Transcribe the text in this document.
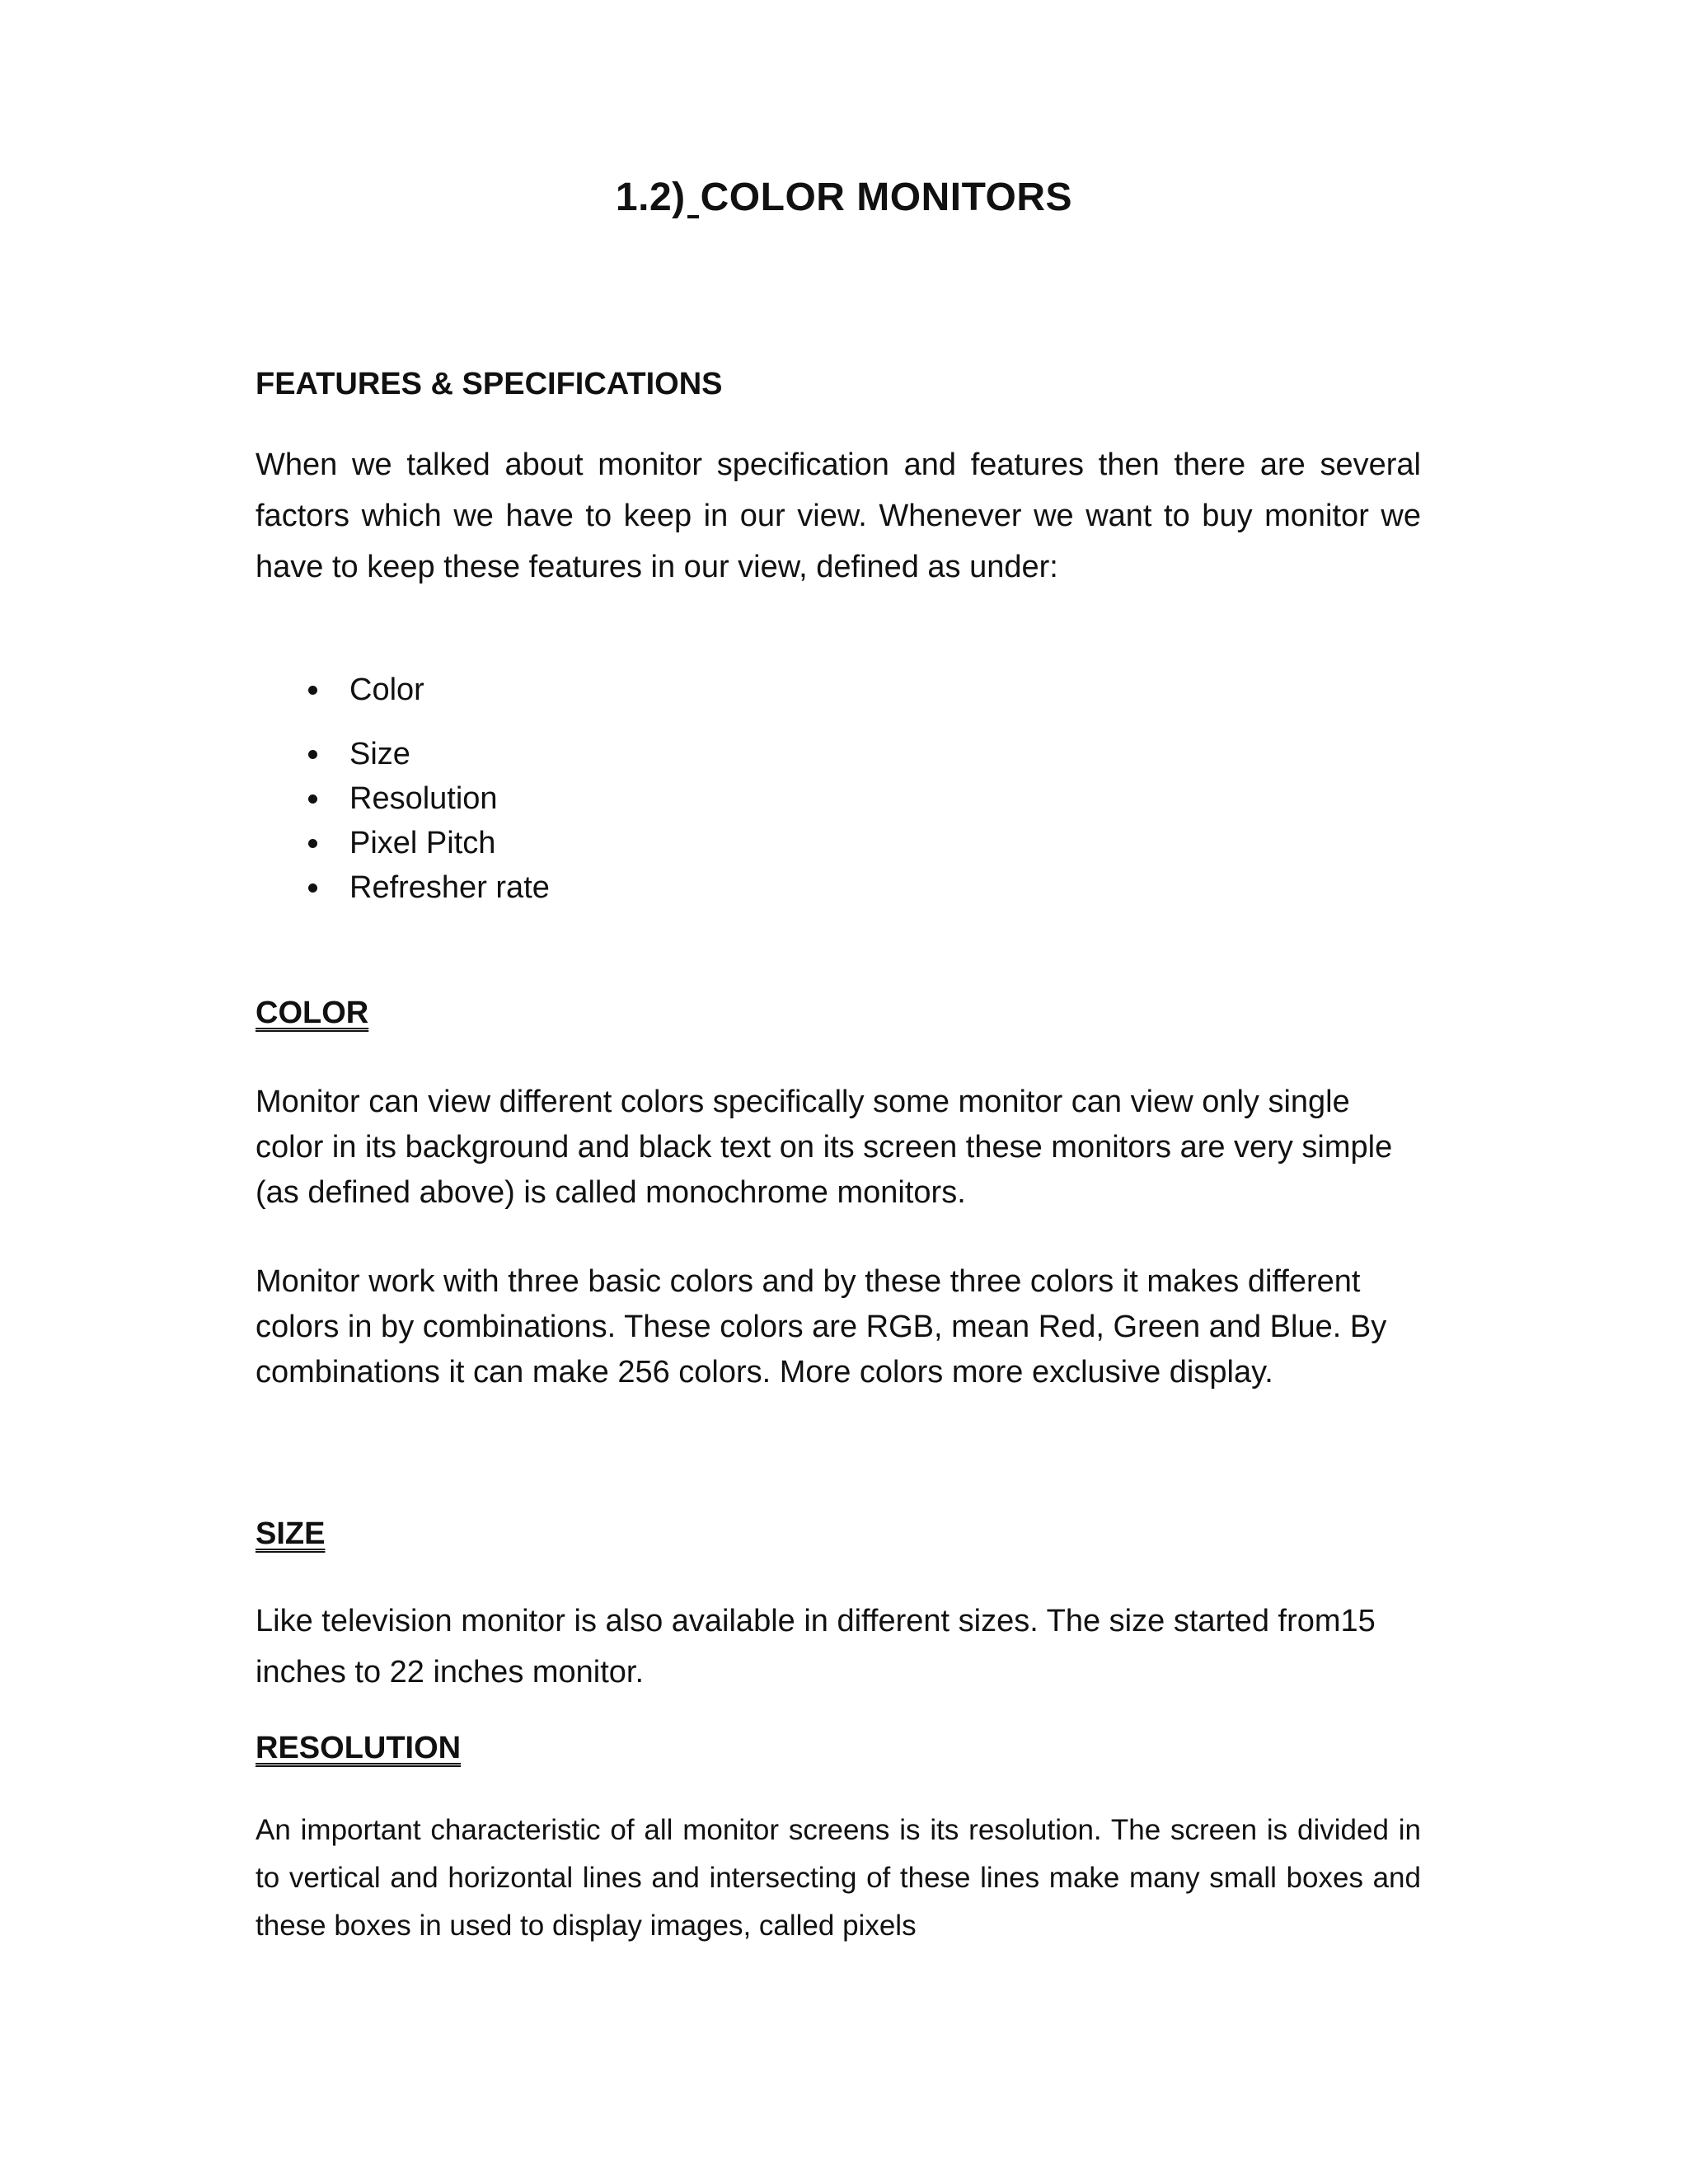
1.2) COLOR MONITORS
FEATURES & SPECIFICATIONS

When we talked about monitor specification and features then there are several factors which we have to keep in our view. Whenever we want to buy monitor we have to keep these features in our view, defined as under:

Color
Size
Resolution
Pixel Pitch
Refresher rate
COLOR

Monitor can view different colors specifically some monitor can view only single color in its background and black text on its screen these monitors are very simple (as defined above) is called monochrome monitors.

Monitor work with three basic colors and by these three colors it makes different colors in by combinations. These colors are RGB, mean Red, Green and Blue. By combinations it can make 256 colors. More colors more exclusive display.

SIZE

Like television monitor is also available in different sizes. The size started from15 inches to 22 inches monitor.

RESOLUTION

An important characteristic of all monitor screens is its resolution. The screen is divided in to vertical and horizontal lines and intersecting of these lines make many small boxes and these boxes in used to display images, called pixels
